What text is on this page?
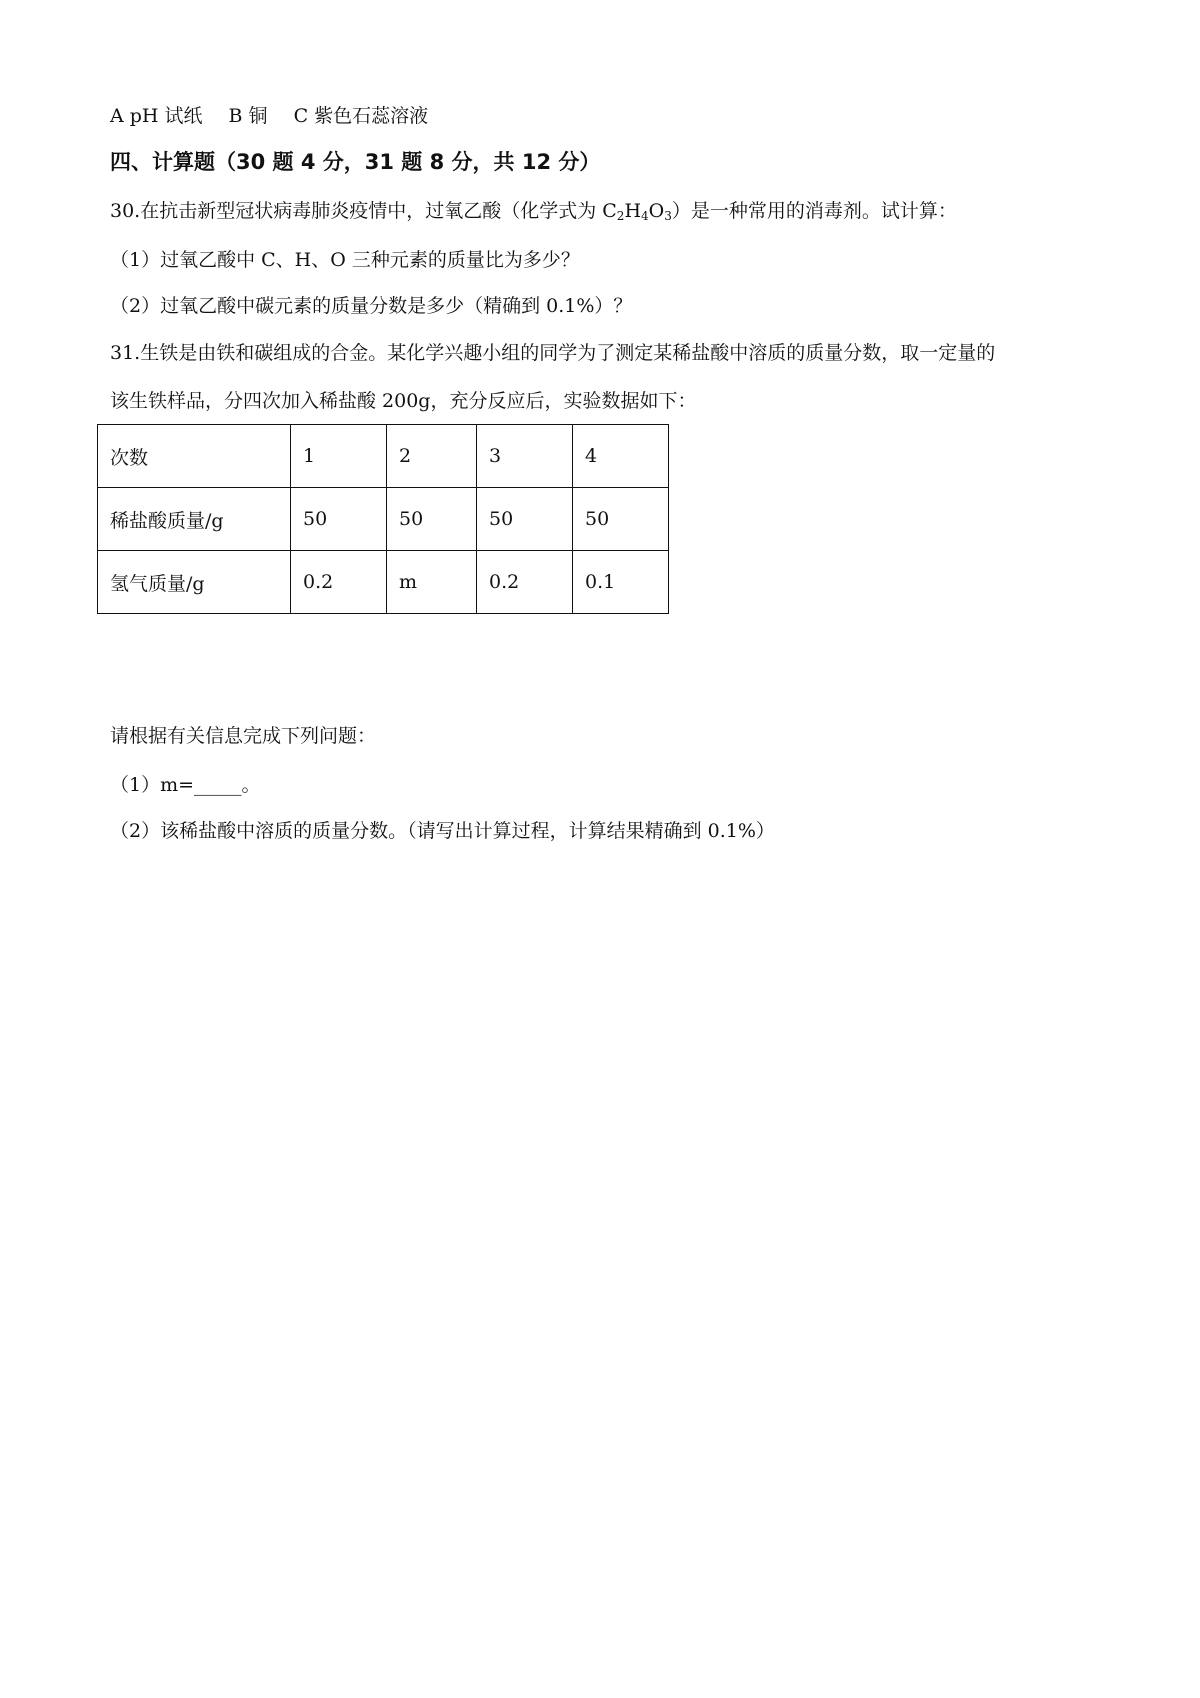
A pH 试纸 B 铜 C 紫色石蕊溶液
四、计算题（30 题 4 分，31 题 8 分，共 12 分）
30.在抗击新型冠状病毒肺炎疫情中，过氧乙酸（化学式为 $C_2H_4O_3$）是一种常用的消毒剂。试计算：
（1）过氧乙酸中 C、H、O 三种元素的质量比为多少？
（2）过氧乙酸中碳元素的质量分数是多少（精确到 0.1%）？
31.生铁是由铁和碳组成的合金。某化学兴趣小组的同学为了测定某稀盐酸中溶质的质量分数，取一定量的
该生铁样品，分四次加入稀盐酸 200g，充分反应后，实验数据如下：
次数	1	2	3	4
稀盐酸质量/g	50	50	50	50
氢气质量/g	0.2	m	0.2	0.1
请根据有关信息完成下列问题：
（1）m=_____。
（2）该稀盐酸中溶质的质量分数。（请写出计算过程，计算结果精确到 0.1%）
